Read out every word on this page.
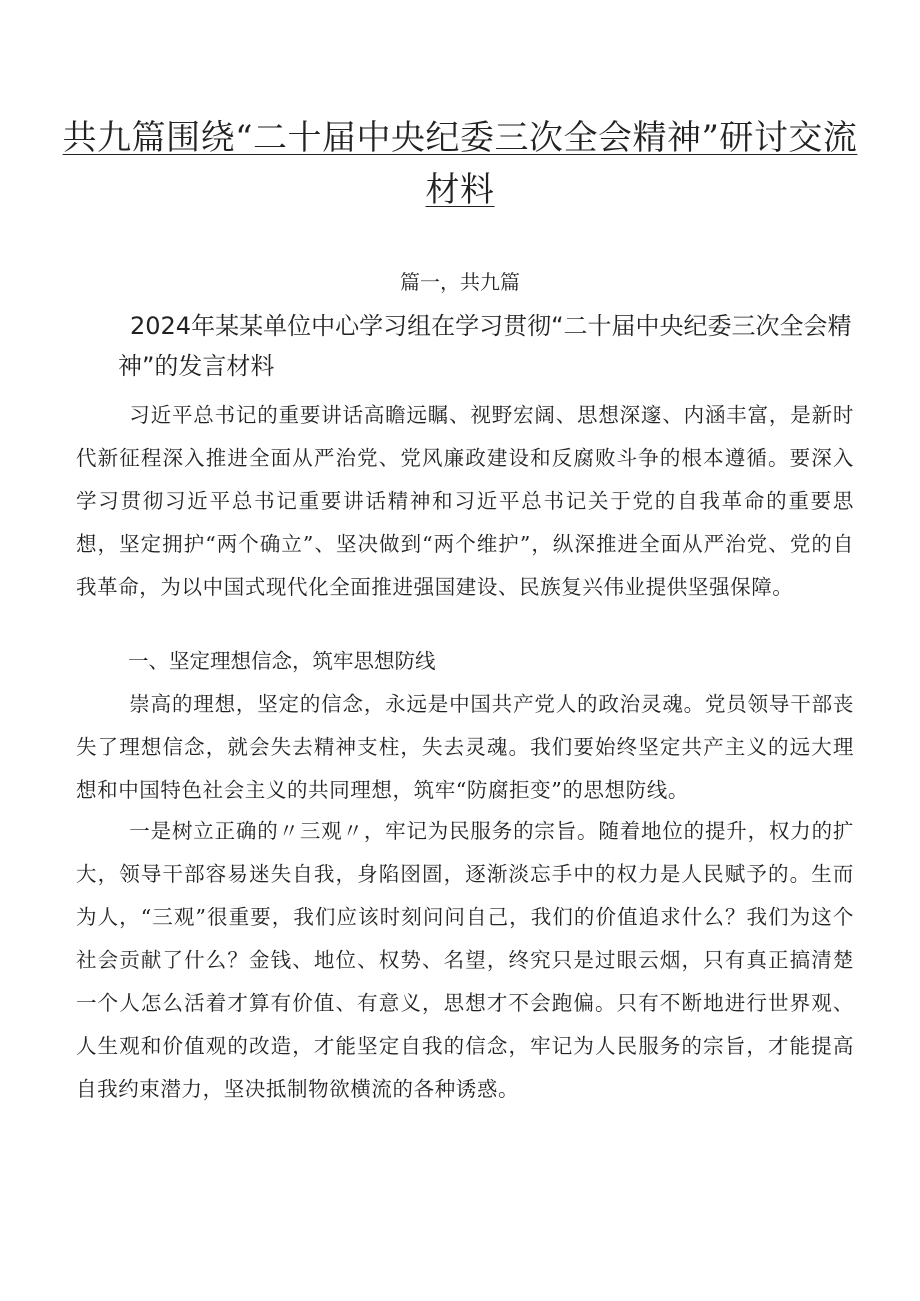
共九篇围绕“二十届中央纪委三次全会精神”研讨交流材料

篇一，共九篇

2024年某某单位中心学习组在学习贯彻“二十届中央纪委三次全会精神”的发言材料

习近平总书记的重要讲话高瞻远瞩、视野宏阔、思想深邃、内涵丰富，是新时代新征程深入推进全面从严治党、党风廉政建设和反腐败斗争的根本遵循。要深入学习贯彻习近平总书记重要讲话精神和习近平总书记关于党的自我革命的重要思想，坚定拥护“两个确立”、坚决做到“两个维护”，纵深推进全面从严治党、党的自我革命，为以中国式现代化全面推进强国建设、民族复兴伟业提供坚强保障。

一、坚定理想信念，筑牢思想防线

崇高的理想，坚定的信念，永远是中国共产党人的政治灵魂。党员领导干部丧失了理想信念，就会失去精神支柱，失去灵魂。我们要始终坚定共产主义的远大理想和中国特色社会主义的共同理想，筑牢“防腐拒变”的思想防线。

一是树立正确的〃三观〃，牢记为民服务的宗旨。随着地位的提升，权力的扩大，领导干部容易迷失自我，身陷囹圄，逐渐淡忘手中的权力是人民赋予的。生而为人，“三观”很重要，我们应该时刻问问自己，我们的价值追求什么？我们为这个社会贡献了什么？金钱、地位、权势、名望，终究只是过眼云烟，只有真正搞清楚一个人怎么活着才算有价值、有意义，思想才不会跑偏。只有不断地进行世界观、人生观和价值观的改造，才能坚定自我的信念，牢记为人民服务的宗旨，才能提高自我约束潜力，坚决抵制物欲横流的各种诱惑。
